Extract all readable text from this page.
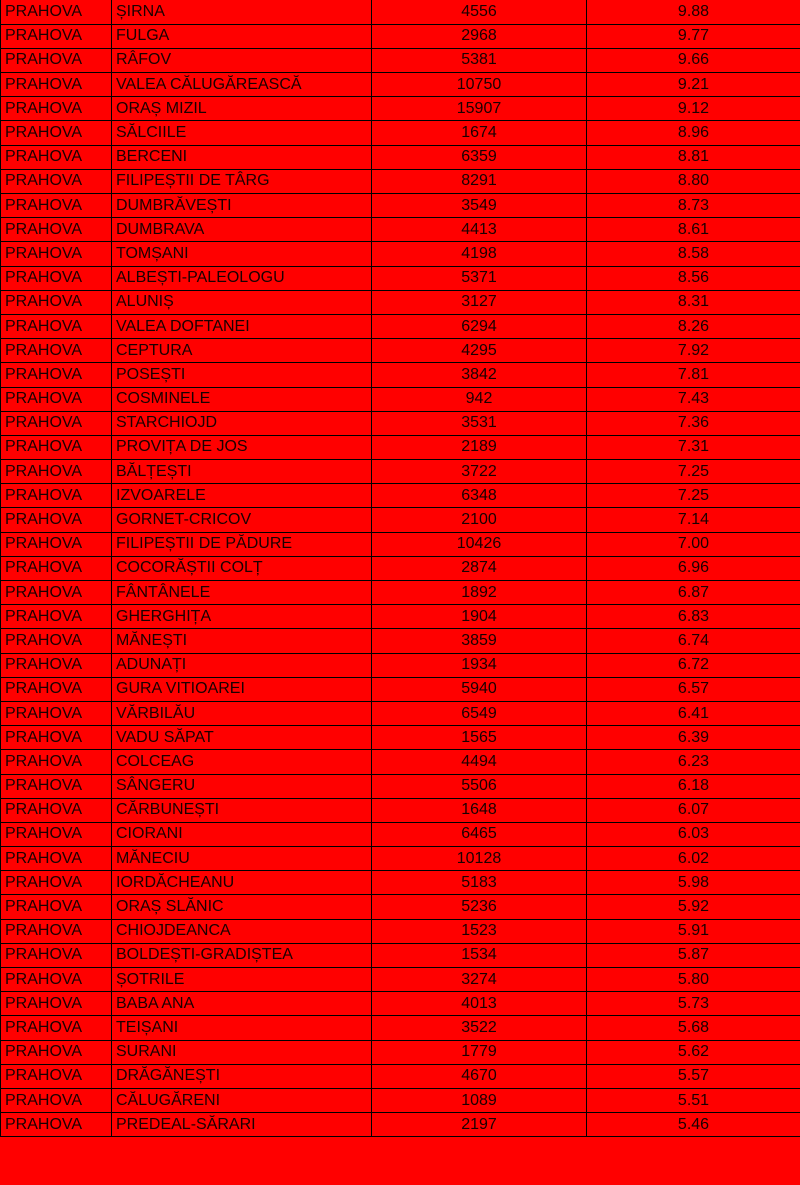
PRAHOVA	ȘIRNA	4556	9.88
PRAHOVA	FULGA	2968	9.77
PRAHOVA	RÂFOV	5381	9.66
PRAHOVA	VALEA CĂLUGĂREASCĂ	10750	9.21
PRAHOVA	ORAȘ MIZIL	15907	9.12
PRAHOVA	SĂLCIILE	1674	8.96
PRAHOVA	BERCENI	6359	8.81
PRAHOVA	FILIPEȘTII DE TÂRG	8291	8.80
PRAHOVA	DUMBRĂVEȘTI	3549	8.73
PRAHOVA	DUMBRAVA	4413	8.61
PRAHOVA	TOMȘANI	4198	8.58
PRAHOVA	ALBEȘTI-PALEOLOGU	5371	8.56
PRAHOVA	ALUNIȘ	3127	8.31
PRAHOVA	VALEA DOFTANEI	6294	8.26
PRAHOVA	CEPTURA	4295	7.92
PRAHOVA	POSEȘTI	3842	7.81
PRAHOVA	COSMINELE	942	7.43
PRAHOVA	STARCHIOJD	3531	7.36
PRAHOVA	PROVIȚA DE JOS	2189	7.31
PRAHOVA	BĂLȚEȘTI	3722	7.25
PRAHOVA	IZVOARELE	6348	7.25
PRAHOVA	GORNET-CRICOV	2100	7.14
PRAHOVA	FILIPEȘTII DE PĂDURE	10426	7.00
PRAHOVA	COCORĂȘTII COLȚ	2874	6.96
PRAHOVA	FÂNTÂNELE	1892	6.87
PRAHOVA	GHERGHIȚA	1904	6.83
PRAHOVA	MĂNEȘTI	3859	6.74
PRAHOVA	ADUNAȚI	1934	6.72
PRAHOVA	GURA VITIOAREI	5940	6.57
PRAHOVA	VĂRBILĂU	6549	6.41
PRAHOVA	VADU SĂPAT	1565	6.39
PRAHOVA	COLCEAG	4494	6.23
PRAHOVA	SÂNGERU	5506	6.18
PRAHOVA	CĂRBUNEȘTI	1648	6.07
PRAHOVA	CIORANI	6465	6.03
PRAHOVA	MĂNECIU	10128	6.02
PRAHOVA	IORDĂCHEANU	5183	5.98
PRAHOVA	ORAȘ SLĂNIC	5236	5.92
PRAHOVA	CHIOJDEANCA	1523	5.91
PRAHOVA	BOLDEȘTI-GRADIȘTEA	1534	5.87
PRAHOVA	ȘOTRILE	3274	5.80
PRAHOVA	BABA ANA	4013	5.73
PRAHOVA	TEIȘANI	3522	5.68
PRAHOVA	SURANI	1779	5.62
PRAHOVA	DRĂGĂNEȘTI	4670	5.57
PRAHOVA	CĂLUGĂRENI	1089	5.51
PRAHOVA	PREDEAL-SĂRARI	2197	5.46
